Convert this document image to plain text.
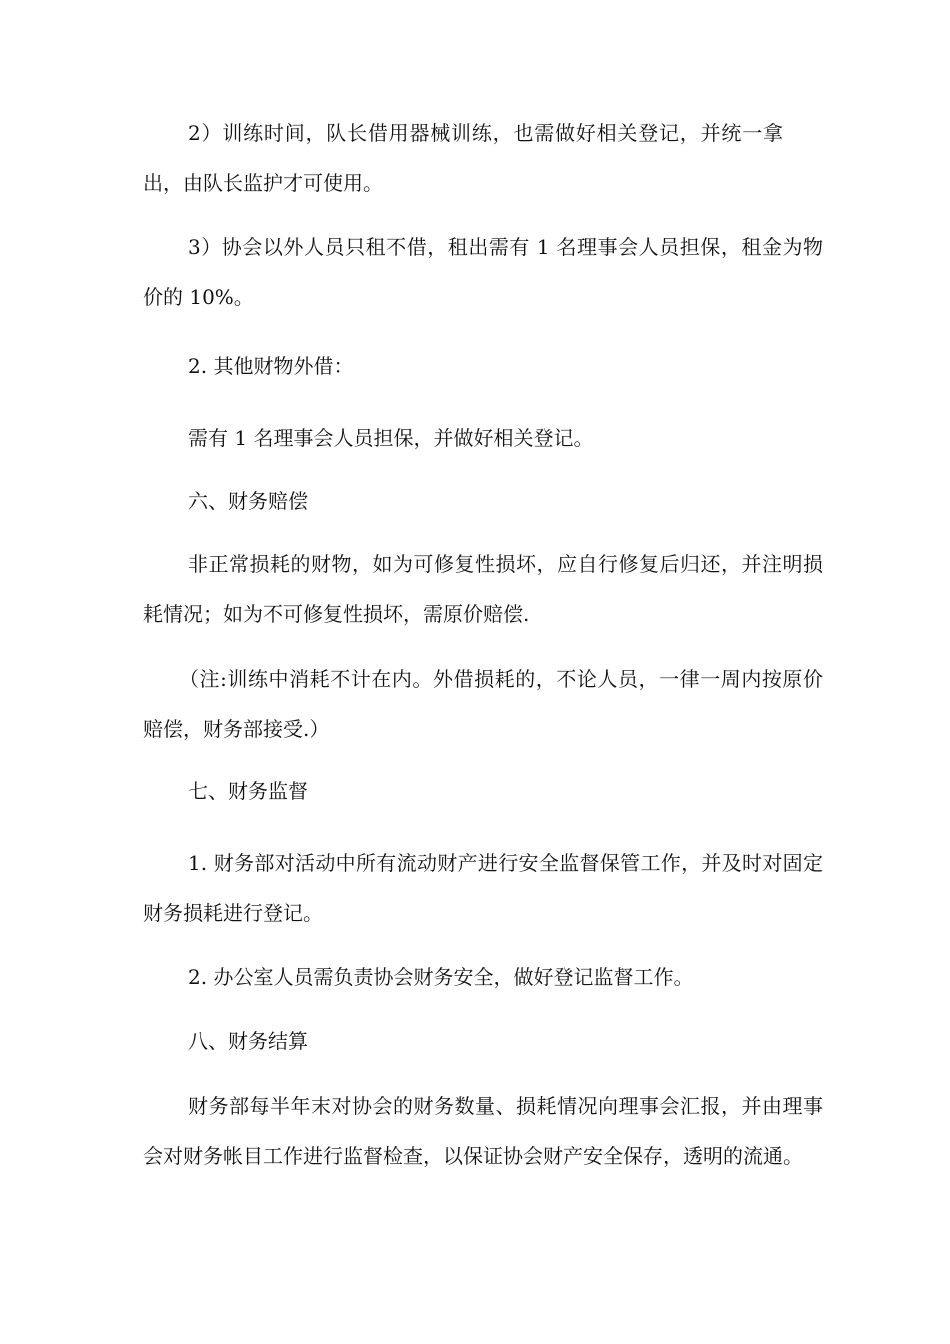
2）训练时间，队长借用器械训练，也需做好相关登记，并统一拿出，由队长监护才可使用。

3）协会以外人员只租不借，租出需有 1 名理事会人员担保，租金为物价的 10%。

2. 其他财物外借：

需有 1 名理事会人员担保，并做好相关登记。

六、财务赔偿

非正常损耗的财物，如为可修复性损坏，应自行修复后归还，并注明损耗情况；如为不可修复性损坏，需原价赔偿.

（注:训练中消耗不计在内。外借损耗的，不论人员，一律一周内按原价赔偿，财务部接受.）

七、财务监督

1. 财务部对活动中所有流动财产进行安全监督保管工作，并及时对固定财务损耗进行登记。

2. 办公室人员需负责协会财务安全，做好登记监督工作。

八、财务结算

财务部每半年末对协会的财务数量、损耗情况向理事会汇报，并由理事会对财务帐目工作进行监督检查，以保证协会财产安全保存，透明的流通。
